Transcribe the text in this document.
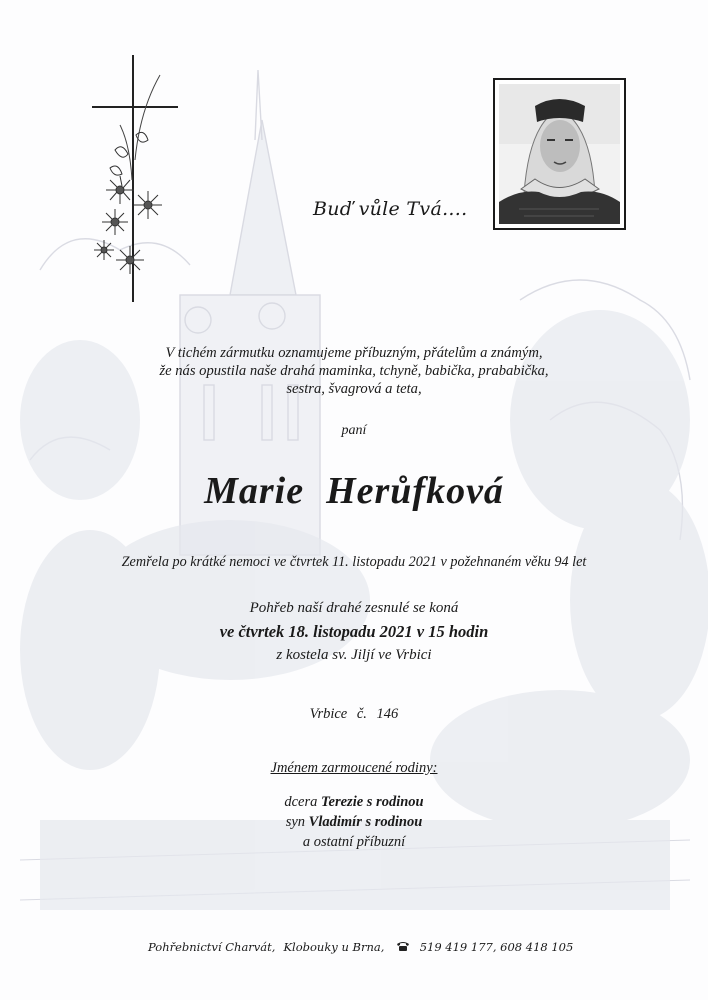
Buď vůle Tvá....
V tichém zármutku oznamujeme příbuzným, přátelům a známým,
že nás opustila naše drahá maminka, tchyně, babička, prababička,
sestra, švagrová a teta,
paní
Marie Herůfková
Zemřela po krátké nemoci ve čtvrtek 11. listopadu 2021 v požehnaném věku 94 let
Pohřeb naší drahé zesnulé se koná
ve čtvrtek 18. listopadu 2021 v 15 hodin
z kostela sv. Jiljí ve Vrbici
Vrbice č. 146
Jménem zarmoucené rodiny:
dcera Terezie s rodinou
syn Vladimír s rodinou
a ostatní příbuzní
Pohřebnictví Charvát, Klobouky u Brna,	519 419 177, 608 418 105
